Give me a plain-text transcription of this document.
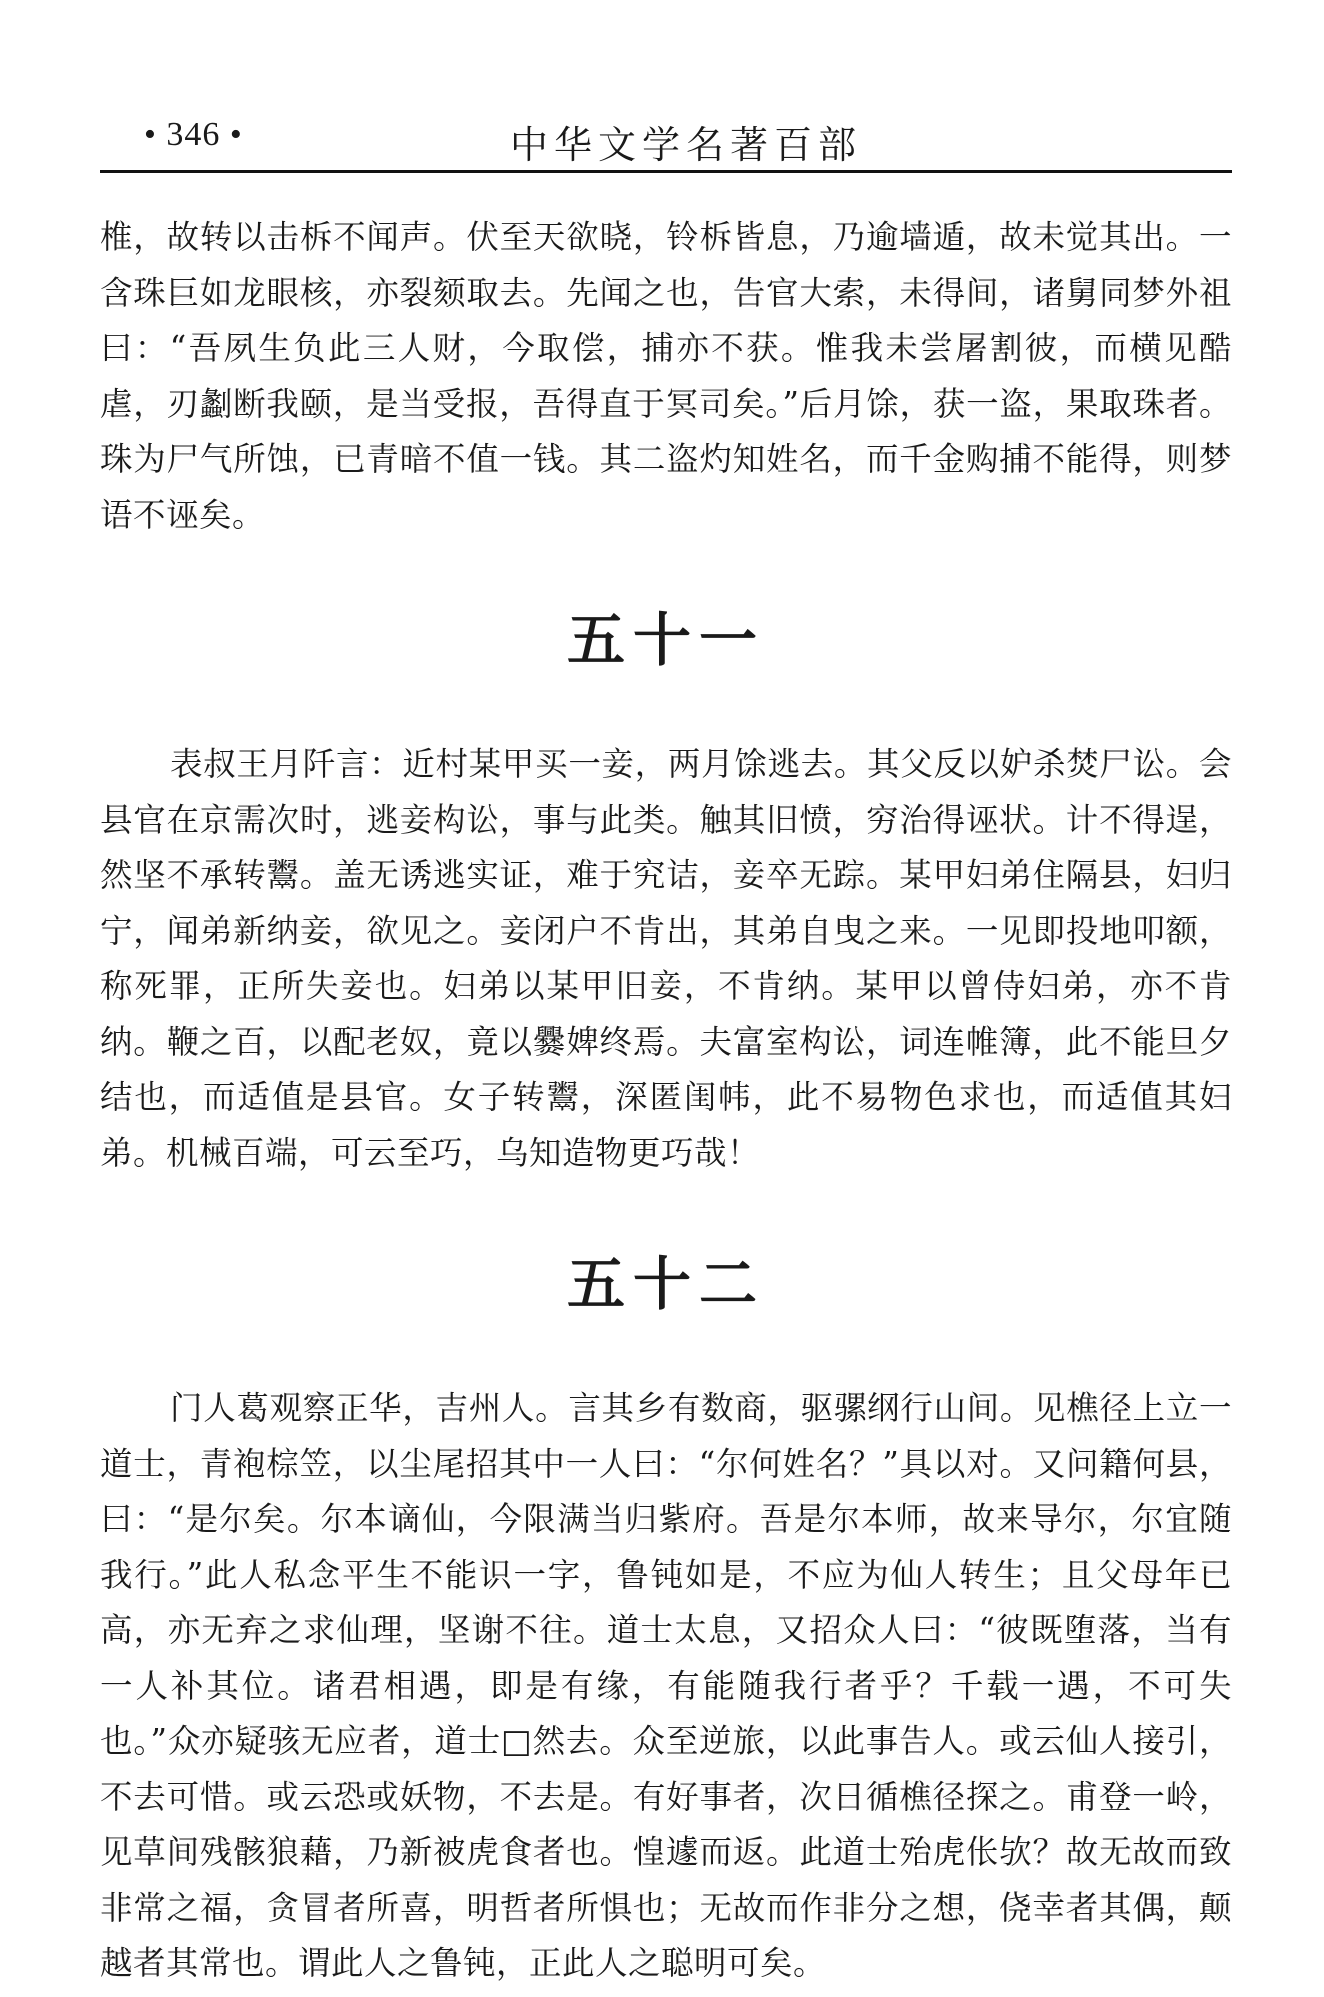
• 346 •	中华文学名著百部

椎，故转以击柝不闻声。伏至天欲晓，铃柝皆息，乃逾墙遁，故未觉其出。一含珠巨如龙眼核，亦裂颏取去。先闻之也，告官大索，未得间，诸舅同梦外祖曰：“吾夙生负此三人财，今取偿，捕亦不获。惟我未尝屠割彼，而横见酷虐，刃劙断我颐，是当受报，吾得直于冥司矣。”后月馀，获一盗，果取珠者。珠为尸气所蚀，已青暗不值一钱。其二盗灼知姓名，而千金购捕不能得，则梦语不诬矣。

五十一

表叔王月阡言：近村某甲买一妾，两月馀逃去。其父反以妒杀焚尸讼。会县官在京需次时，逃妾构讼，事与此类。触其旧愤，穷治得诬状。计不得逞，然坚不承转鬻。盖无诱逃实证，难于究诘，妾卒无踪。某甲妇弟住隔县，妇归宁，闻弟新纳妾，欲见之。妾闭户不肯出，其弟自曳之来。一见即投地叩额，称死罪，正所失妾也。妇弟以某甲旧妾，不肯纳。某甲以曾侍妇弟，亦不肯纳。鞭之百，以配老奴，竟以爨婢终焉。夫富室构讼，词连帷簿，此不能旦夕结也，而适值是县官。女子转鬻，深匿闺帏，此不易物色求也，而适值其妇弟。机械百端，可云至巧，乌知造物更巧哉！

五十二

门人葛观察正华，吉州人。言其乡有数商，驱骡纲行山间。见樵径上立一道士，青袍棕笠，以尘尾招其中一人曰：“尔何姓名？”具以对。又问籍何县，曰：“是尔矣。尔本谪仙，今限满当归紫府。吾是尔本师，故来导尔，尔宜随我行。”此人私念平生不能识一字，鲁钝如是，不应为仙人转生；且父母年已高，亦无弃之求仙理，坚谢不往。道士太息，又招众人曰：“彼既堕落，当有一人补其位。诸君相遇，即是有缘，有能随我行者乎？千载一遇，不可失也。”众亦疑骇无应者，道士□然去。众至逆旅，以此事告人。或云仙人接引，不去可惜。或云恐或妖物，不去是。有好事者，次日循樵径探之。甫登一岭，见草间残骸狼藉，乃新被虎食者也。惶遽而返。此道士殆虎伥欤？故无故而致非常之福，贪冒者所喜，明哲者所惧也；无故而作非分之想，侥幸者其偶，颠越者其常也。谓此人之鲁钝，正此人之聪明可矣。
